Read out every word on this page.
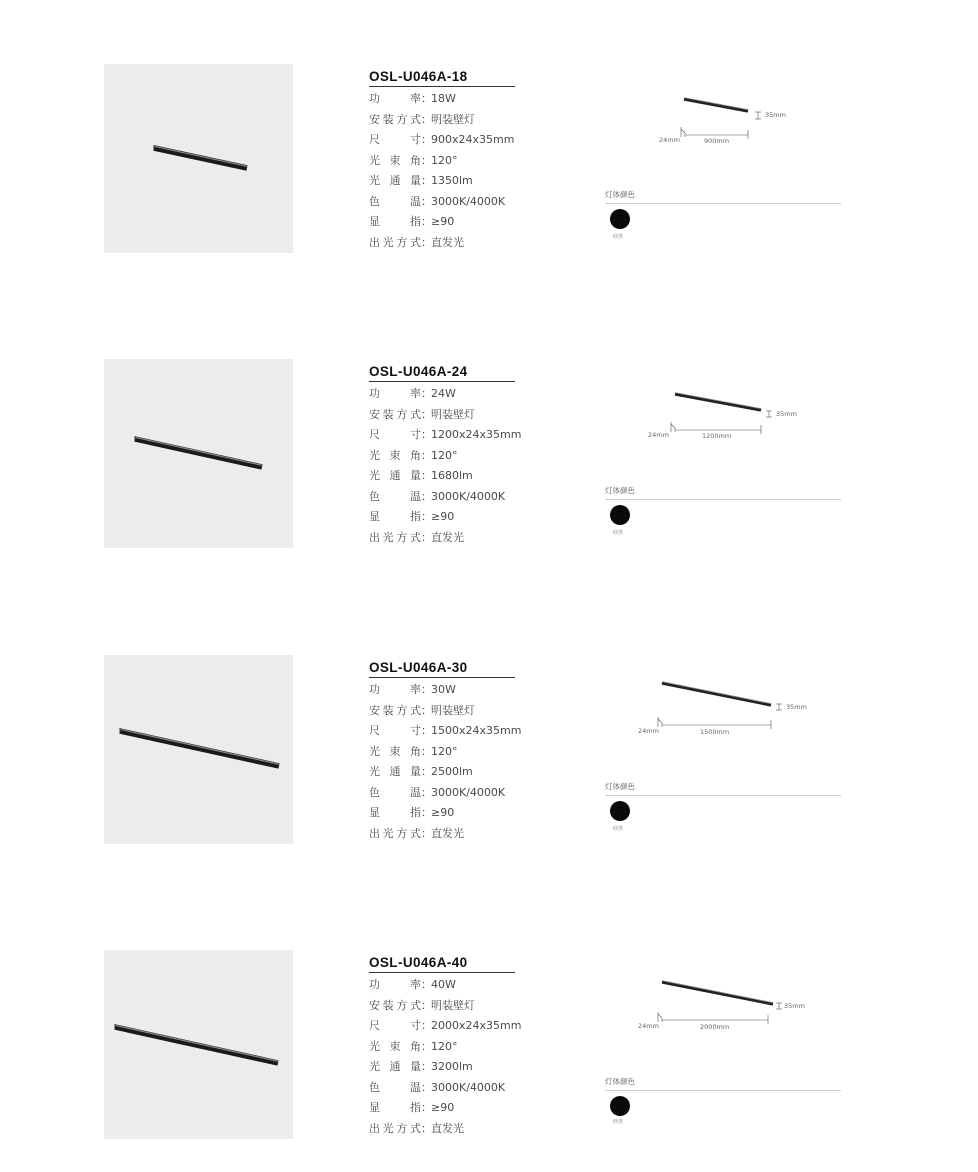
OSL-U046A-18
功 率：18W
安装方式：明装壁灯
尺 寸：900x24x35mm
光束角：120°
光通量：1350lm
色 温：3000K/4000K
显 指：≥90
出光方式：直发光
35mm
24mm	900mm
灯体颜色
砂黑
OSL-U046A-24
功 率：24W
安装方式：明装壁灯
尺 寸：1200x24x35mm
光束角：120°
光通量：1680lm
色 温：3000K/4000K
显 指：≥90
出光方式：直发光
35mm
24mm	1200mm
灯体颜色
砂黑
OSL-U046A-30
功 率：30W
安装方式：明装壁灯
尺 寸：1500x24x35mm
光束角：120°
光通量：2500lm
色 温：3000K/4000K
显 指：≥90
出光方式：直发光
35mm
24mm	1500mm
灯体颜色
砂黑
OSL-U046A-40
功 率：40W
安装方式：明装壁灯
尺 寸：2000x24x35mm
光束角：120°
光通量：3200lm
色 温：3000K/4000K
显 指：≥90
出光方式：直发光
35mm
24mm	2000mm
灯体颜色
砂黑
